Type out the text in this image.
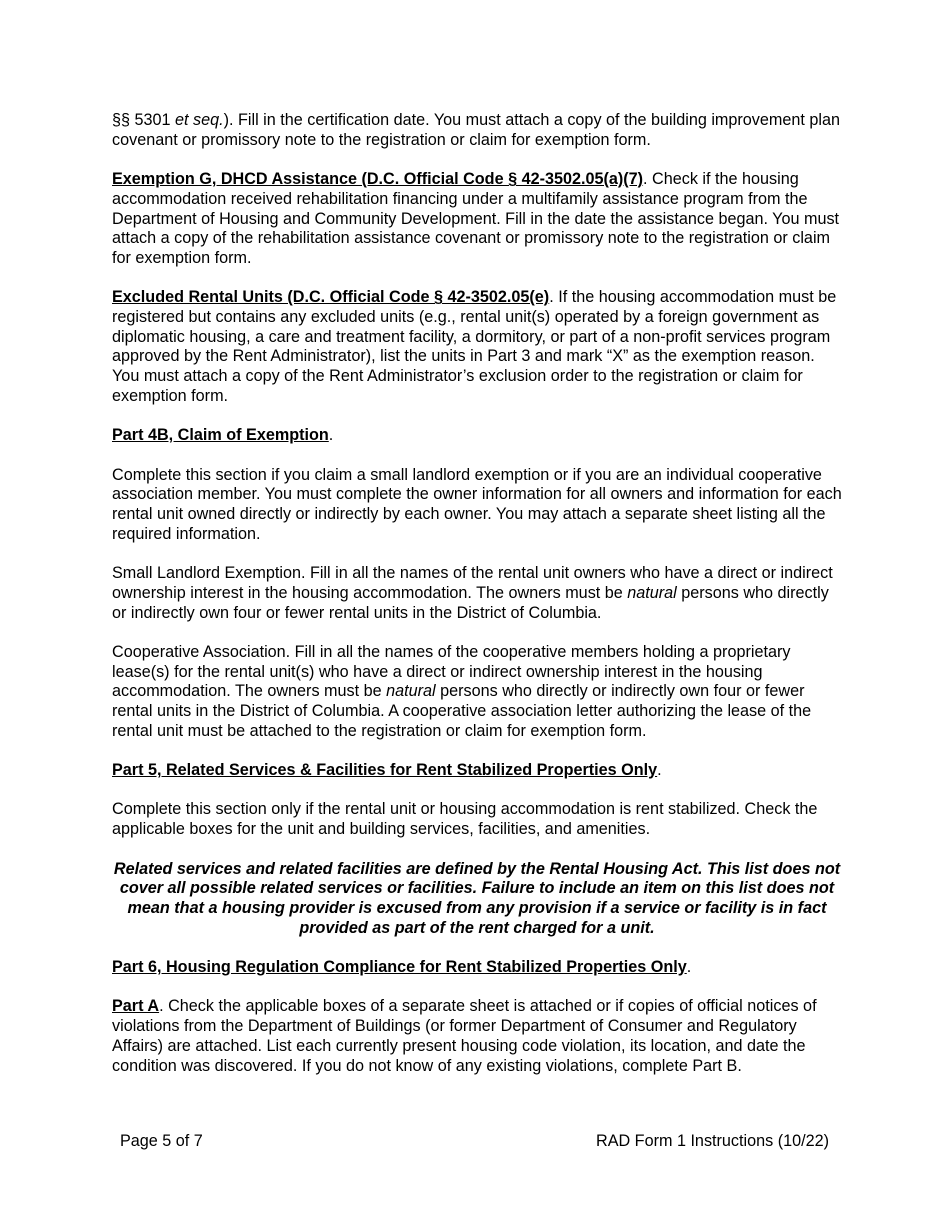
§§ 5301 et seq.). Fill in the certification date. You must attach a copy of the building improvement plan covenant or promissory note to the registration or claim for exemption form.

Exemption G, DHCD Assistance (D.C. Official Code § 42-3502.05(a)(7). Check if the housing accommodation received rehabilitation financing under a multifamily assistance program from the Department of Housing and Community Development. Fill in the date the assistance began. You must attach a copy of the rehabilitation assistance covenant or promissory note to the registration or claim for exemption form.

Excluded Rental Units (D.C. Official Code § 42-3502.05(e). If the housing accommodation must be registered but contains any excluded units (e.g., rental unit(s) operated by a foreign government as diplomatic housing, a care and treatment facility, a dormitory, or part of a non-profit services program approved by the Rent Administrator), list the units in Part 3 and mark “X” as the exemption reason. You must attach a copy of the Rent Administrator’s exclusion order to the registration or claim for exemption form.

Part 4B, Claim of Exemption.

Complete this section if you claim a small landlord exemption or if you are an individual cooperative association member. You must complete the owner information for all owners and information for each rental unit owned directly or indirectly by each owner. You may attach a separate sheet listing all the required information.

Small Landlord Exemption. Fill in all the names of the rental unit owners who have a direct or indirect ownership interest in the housing accommodation. The owners must be natural persons who directly or indirectly own four or fewer rental units in the District of Columbia.

Cooperative Association. Fill in all the names of the cooperative members holding a proprietary lease(s) for the rental unit(s) who have a direct or indirect ownership interest in the housing accommodation. The owners must be natural persons who directly or indirectly own four or fewer rental units in the District of Columbia. A cooperative association letter authorizing the lease of the rental unit must be attached to the registration or claim for exemption form.

Part 5, Related Services & Facilities for Rent Stabilized Properties Only.

Complete this section only if the rental unit or housing accommodation is rent stabilized. Check the applicable boxes for the unit and building services, facilities, and amenities.

Related services and related facilities are defined by the Rental Housing Act. This list does not cover all possible related services or facilities. Failure to include an item on this list does not mean that a housing provider is excused from any provision if a service or facility is in fact provided as part of the rent charged for a unit.

Part 6, Housing Regulation Compliance for Rent Stabilized Properties Only.

Part A. Check the applicable boxes of a separate sheet is attached or if copies of official notices of violations from the Department of Buildings (or former Department of Consumer and Regulatory Affairs) are attached. List each currently present housing code violation, its location, and date the condition was discovered. If you do not know of any existing violations, complete Part B.

Page 5 of 7	RAD Form 1 Instructions (10/22)
